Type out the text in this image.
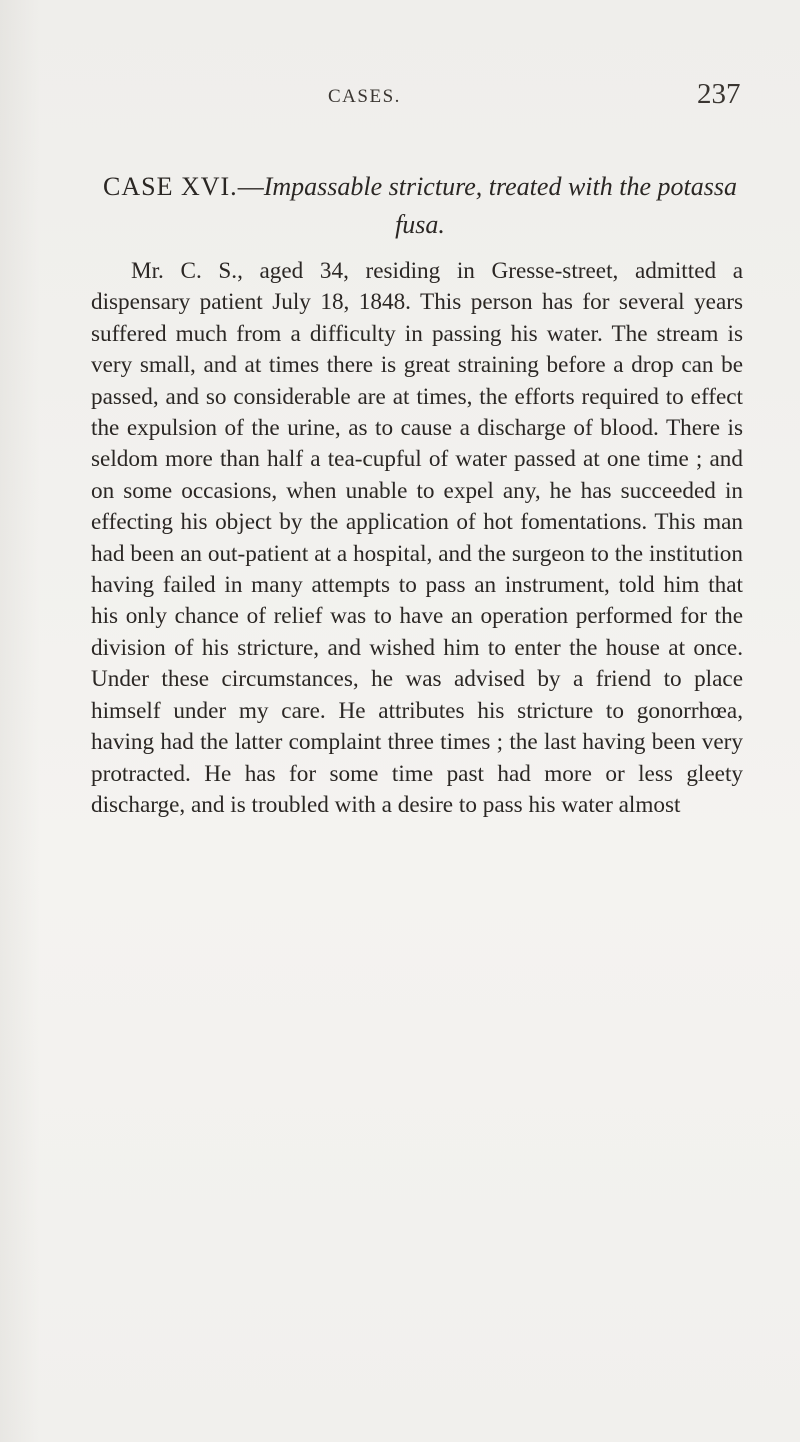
CASES.	237
CASE XVI.—Impassable stricture, treated with the potassa fusa.

Mr. C. S., aged 34, residing in Gresse-street, admitted a dispensary patient July 18, 1848. This person has for several years suffered much from a difficulty in passing his water. The stream is very small, and at times there is great straining before a drop can be passed, and so considerable are at times, the efforts required to effect the expulsion of the urine, as to cause a discharge of blood. There is seldom more than half a tea-cupful of water passed at one time ; and on some occasions, when unable to expel any, he has succeeded in effecting his object by the application of hot fomentations. This man had been an out-patient at a hospital, and the surgeon to the institution having failed in many attempts to pass an instrument, told him that his only chance of relief was to have an operation performed for the division of his stricture, and wished him to enter the house at once. Under these circumstances, he was advised by a friend to place himself under my care. He attributes his stricture to gonorrhœa, having had the latter complaint three times ; the last having been very protracted. He has for some time past had more or less gleety discharge, and is troubled with a desire to pass his water almost
